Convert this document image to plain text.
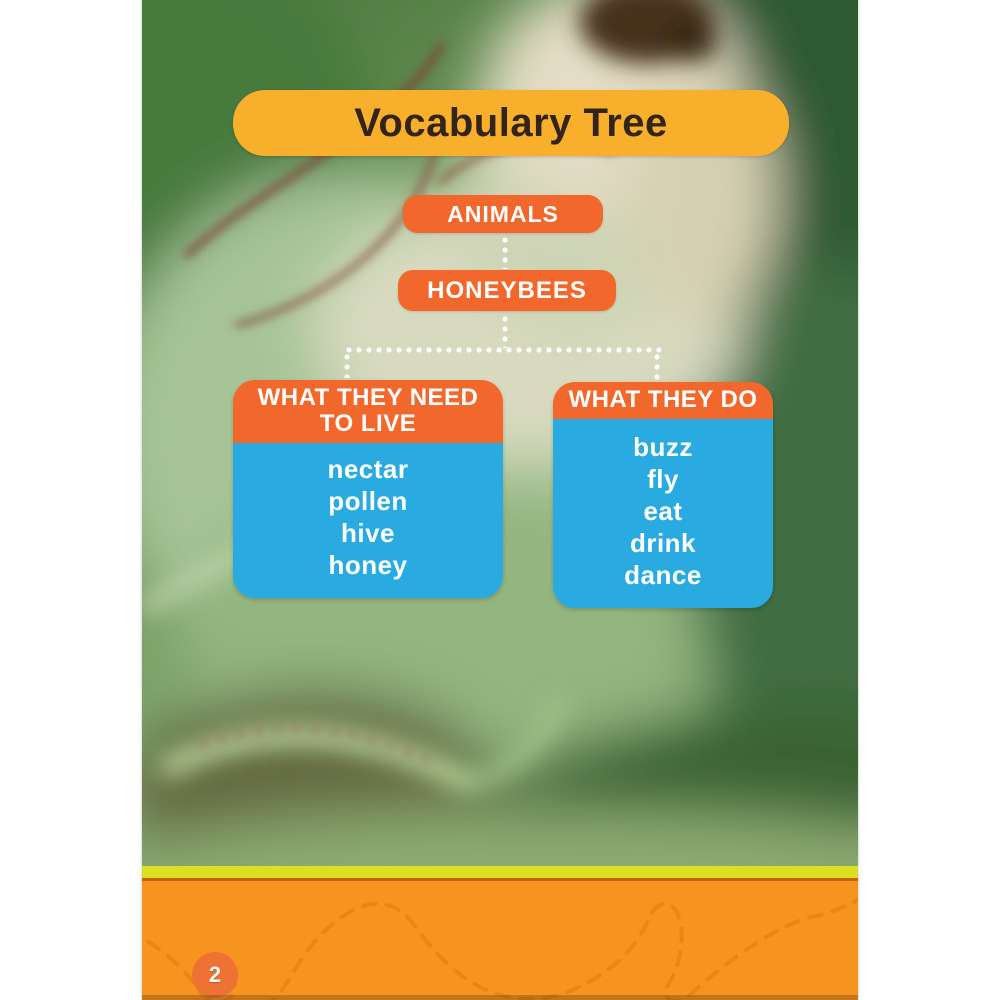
Vocabulary Tree
ANIMALS
HONEYBEES
WHAT THEY NEED TO LIVE
nectar
pollen
hive
honey
WHAT THEY DO
buzz
fly
eat
drink
dance
2
